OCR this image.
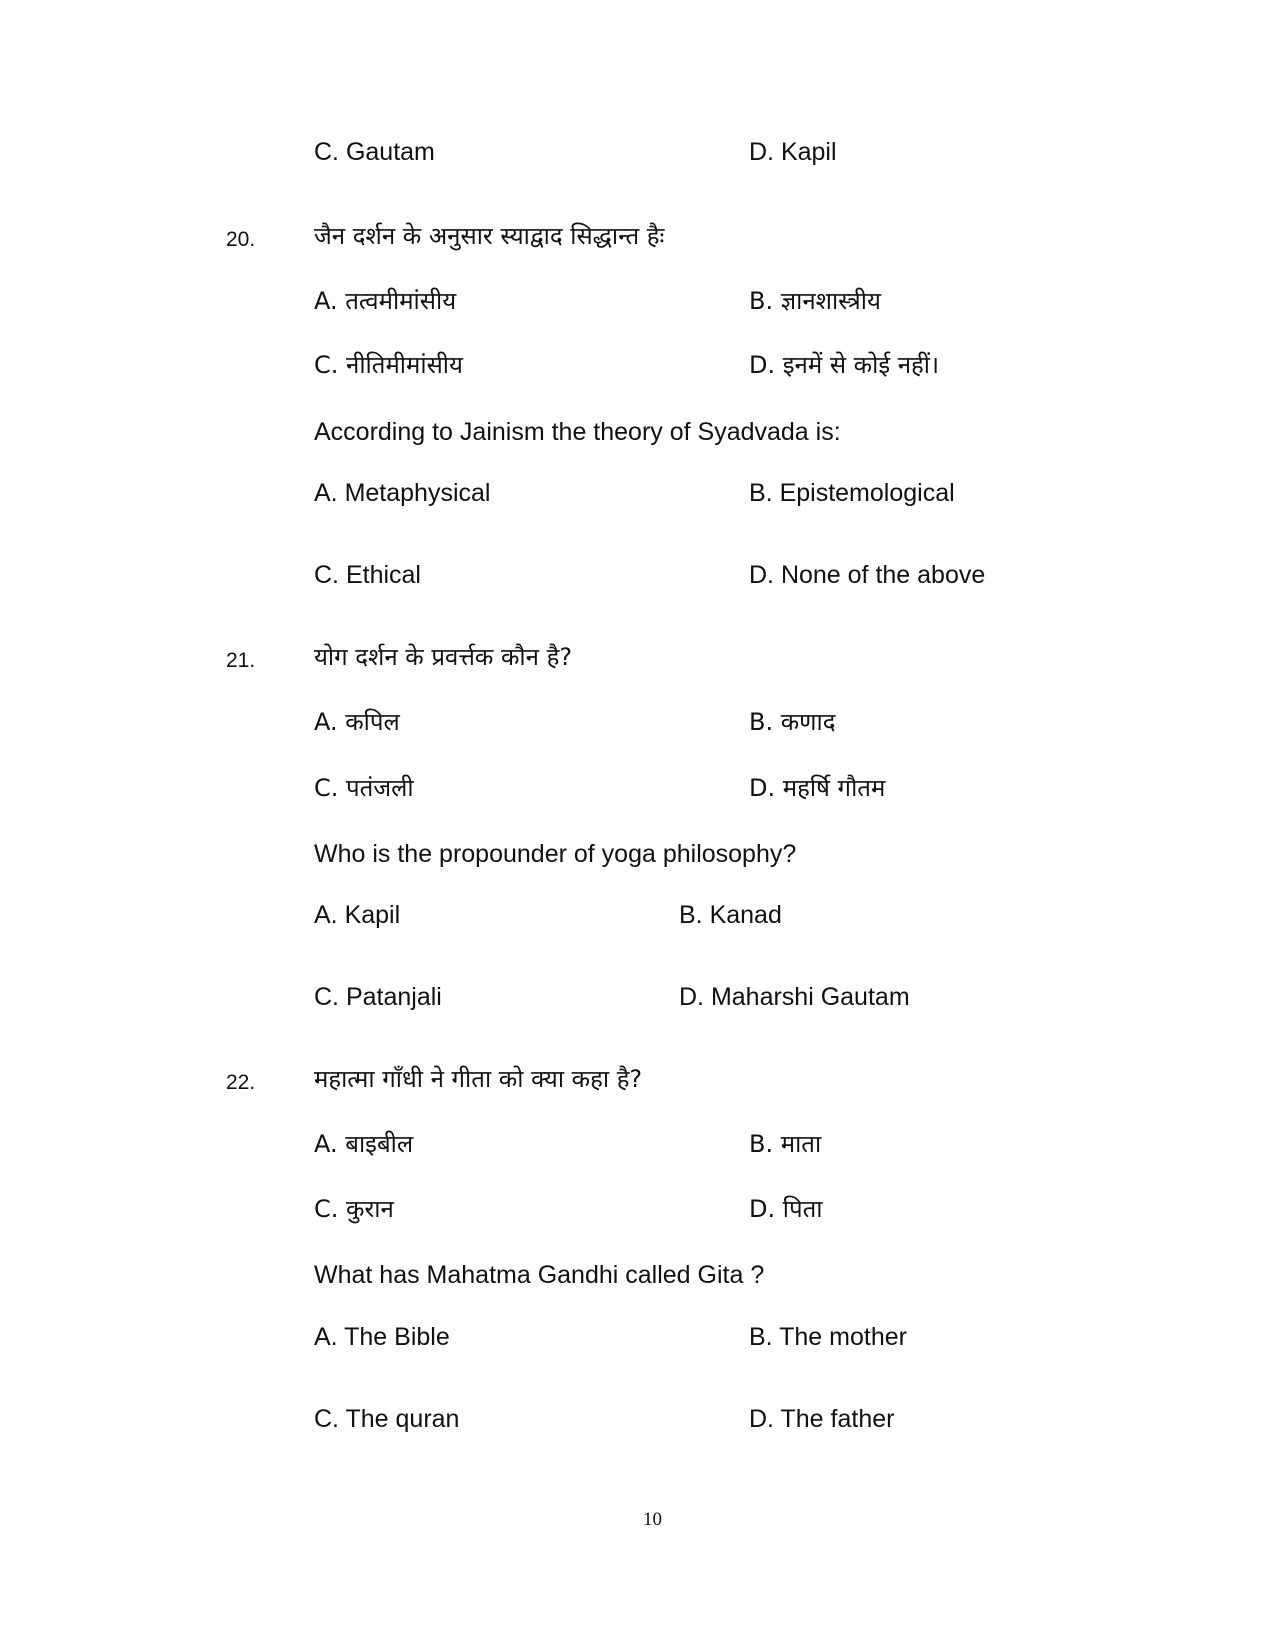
C. Gautam	D. Kapil
20. जैन दर्शन के अनुसार स्याद्वाद सिद्धान्त हैः
A. तत्वमीमांसीय	B. ज्ञानशास्त्रीय
C. नीतिमीमांसीय	D. इनमें से कोई नहीं।
According to Jainism the theory of Syadvada is:
A. Metaphysical	B. Epistemological
C. Ethical	D. None of the above
21. योग दर्शन के प्रवर्त्तक कौन है?
A. कपिल	B. कणाद
C. पतंजली	D. महर्षि गौतम
Who is the propounder of yoga philosophy?
A. Kapil	B. Kanad
C. Patanjali	D. Maharshi Gautam
22. महात्मा गाँधी ने गीता को क्या कहा है?
A. बाइबील	B. माता
C. कुरान	D. पिता
What has Mahatma Gandhi called Gita ?
A. The Bible	B. The mother
C. The quran	D. The father
10
